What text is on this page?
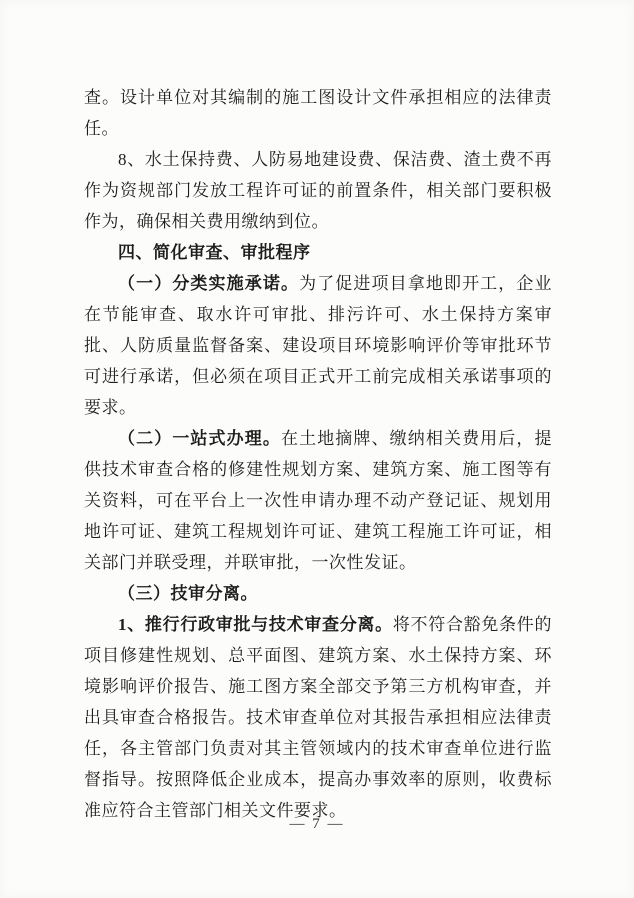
查。设计单位对其编制的施工图设计文件承担相应的法律责任。

8、水土保持费、人防易地建设费、保洁费、渣土费不再作为资规部门发放工程许可证的前置条件，相关部门要积极作为，确保相关费用缴纳到位。

四、简化审查、审批程序

（一）分类实施承诺。为了促进项目拿地即开工，企业在节能审查、取水许可审批、排污许可、水土保持方案审批、人防质量监督备案、建设项目环境影响评价等审批环节可进行承诺，但必须在项目正式开工前完成相关承诺事项的要求。

（二）一站式办理。在土地摘牌、缴纳相关费用后，提供技术审查合格的修建性规划方案、建筑方案、施工图等有关资料，可在平台上一次性申请办理不动产登记证、规划用地许可证、建筑工程规划许可证、建筑工程施工许可证，相关部门并联受理，并联审批，一次性发证。

（三）技审分离。

1、推行行政审批与技术审查分离。将不符合豁免条件的项目修建性规划、总平面图、建筑方案、水土保持方案、环境影响评价报告、施工图方案全部交予第三方机构审查，并出具审查合格报告。技术审查单位对其报告承担相应法律责任，各主管部门负责对其主管领域内的技术审查单位进行监督指导。按照降低企业成本，提高办事效率的原则，收费标准应符合主管部门相关文件要求。

— 7 —
